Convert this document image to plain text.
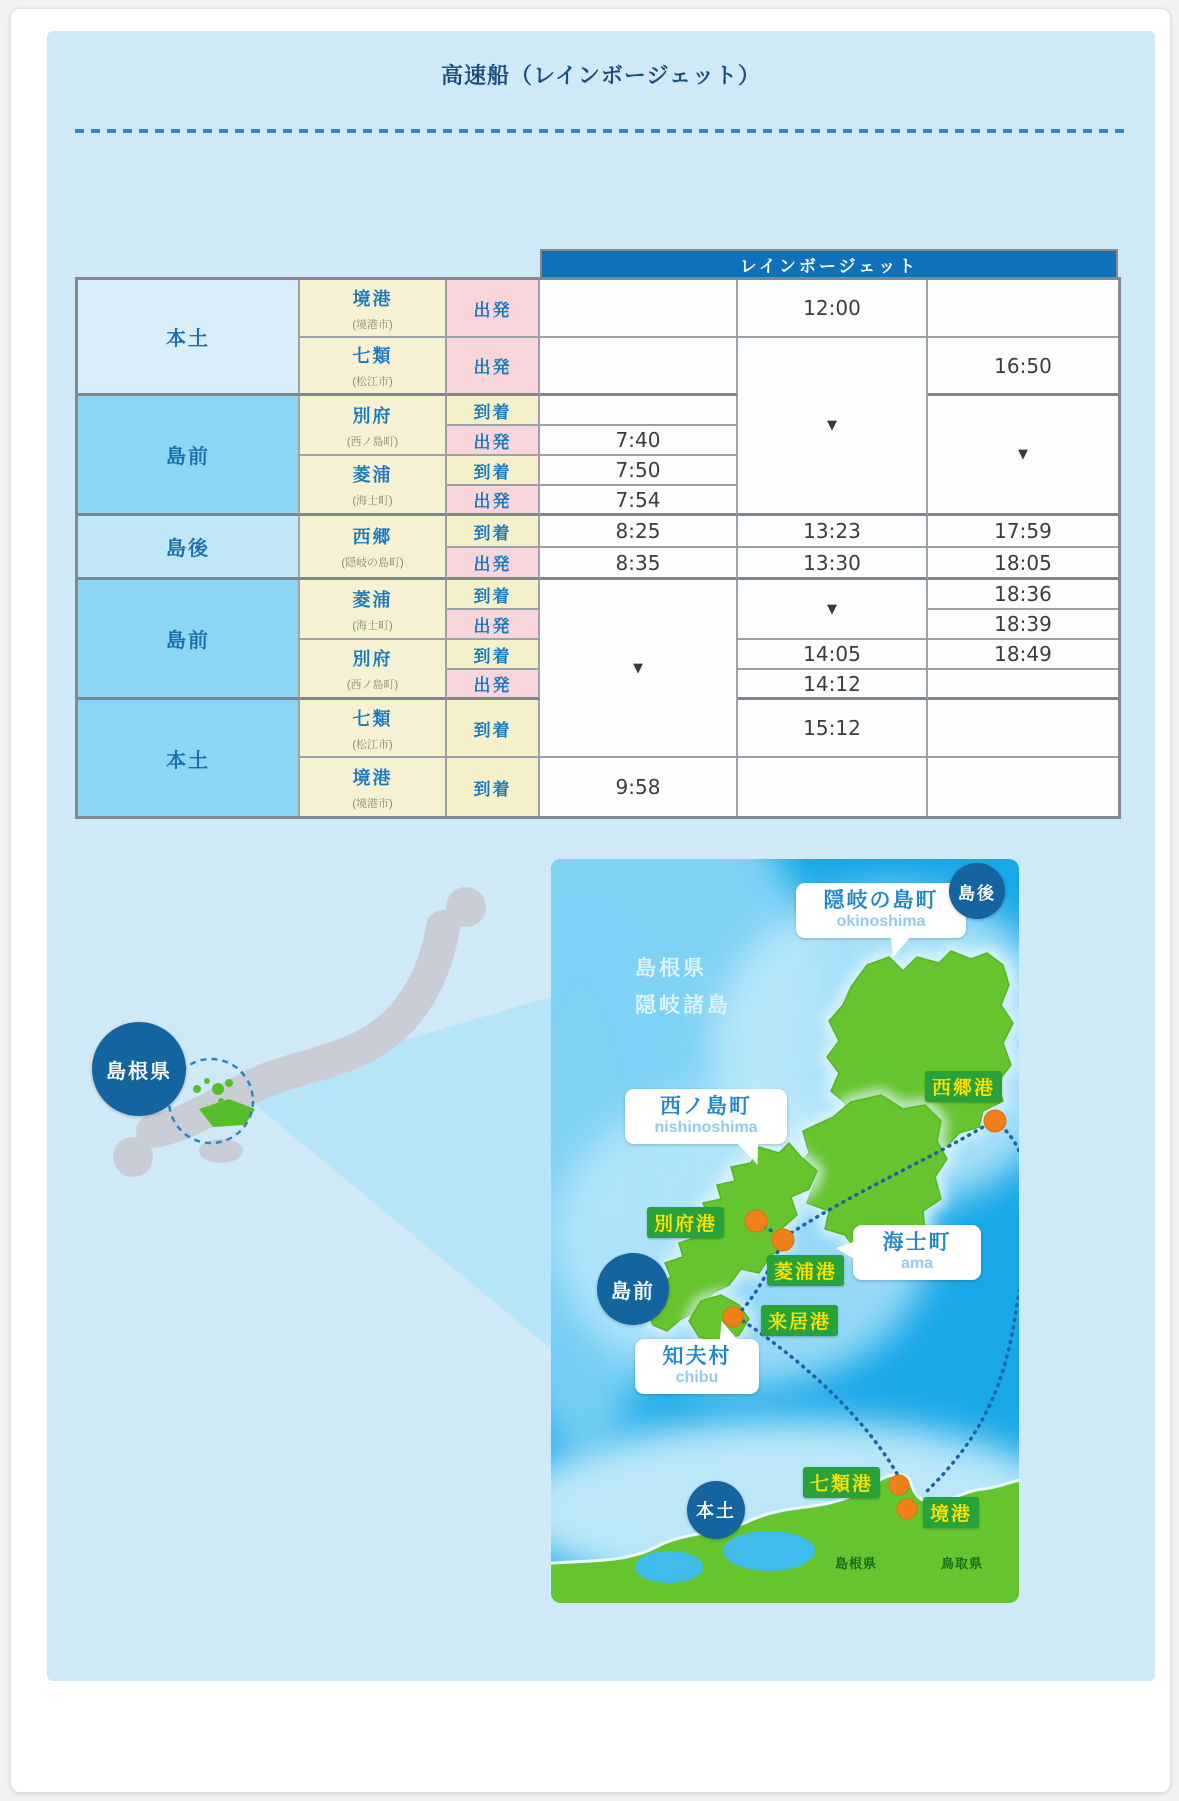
高速船（レインボージェット）
レインボージェット
本土
島前
島後
島前
本土
境港
(境港市)
七類
(松江市)
別府
(西ノ島町)
菱浦
(海士町)
西郷
(隠岐の島町)
菱浦
(海士町)
別府
(西ノ島町)
七類
(松江市)
境港
(境港市)
出発
出発
到着
出発
到着
出発
到着
出発
到着
出発
到着
出発
到着
到着
7:40
7:50
7:54
8:25
8:35
▼
9:58
12:00
▼
13:23
13:30
▼
14:05
14:12
15:12
16:50
▼
17:59
18:05
18:36
18:39
18:49
島根県
島根県
隠岐諸島
隠岐の島町
okinoshima
島後
西郷港
西ノ島町
nishinoshima
別府港
菱浦港
海士町
ama
来居港
知夫村
chibu
島前
本土
七類港
境港
島根県	鳥取県
